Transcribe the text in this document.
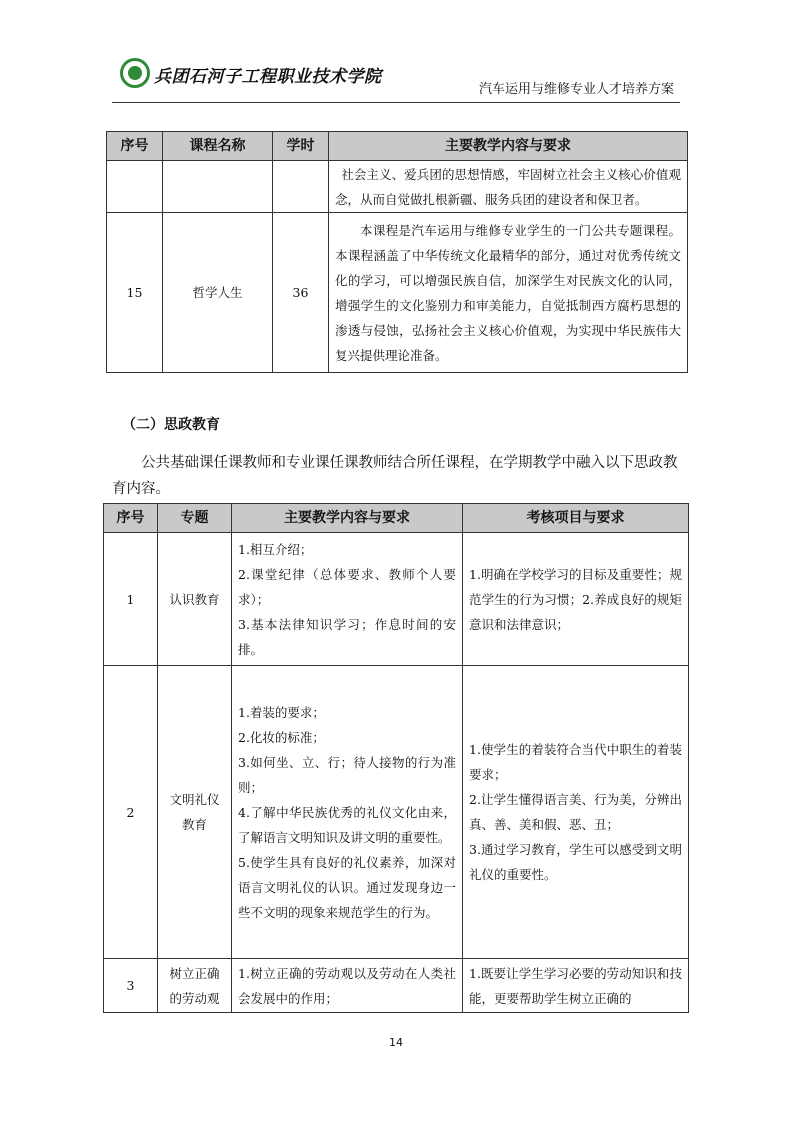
兵团石河子工程职业技术学院
汽车运用与维修专业人才培养方案
序号	课程名称	学时	主要教学内容与要求
			社会主义、爱兵团的思想情感，牢固树立社会主义核心价值观念，从而自觉做扎根新疆、服务兵团的建设者和保卫者。
15	哲学人生	36	本课程是汽车运用与维修专业学生的一门公共专题课程。本课程涵盖了中华传统文化最精华的部分，通过对优秀传统文化的学习，可以增强民族自信，加深学生对民族文化的认同，增强学生的文化鉴别力和审美能力，自觉抵制西方腐朽思想的渗透与侵蚀，弘扬社会主义核心价值观，为实现中华民族伟大复兴提供理论准备。
（二）思政教育
公共基础课任课教师和专业课任课教师结合所任课程，在学期教学中融入以下思政教育内容。
序号	专题	主要教学内容与要求	考核项目与要求
1	认识教育	1.相互介绍；
2.课堂纪律（总体要求、教师个人要求）；
3.基本法律知识学习；作息时间的安排。	1.明确在学校学习的目标及重要性；规范学生的行为习惯；2.养成良好的规矩意识和法律意识；
2	文明礼仪教育	1.着装的要求；
2.化妆的标准；
3.如何坐、立、行；待人接物的行为准则；
4.了解中华民族优秀的礼仪文化由来，了解语言文明知识及讲文明的重要性。
5.使学生具有良好的礼仪素养，加深对语言文明礼仪的认识。通过发现身边一些不文明的现象来规范学生的行为。	1.使学生的着装符合当代中职生的着装要求；
2.让学生懂得语言美、行为美，分辨出真、善、美和假、恶、丑；
3.通过学习教育，学生可以感受到文明礼仪的重要性。

3	树立正确的劳动观	1.树立正确的劳动观以及劳动在人类社会发展中的作用；	1.既要让学生学习必要的劳动知识和技能，更要帮助学生树立正确的
14
